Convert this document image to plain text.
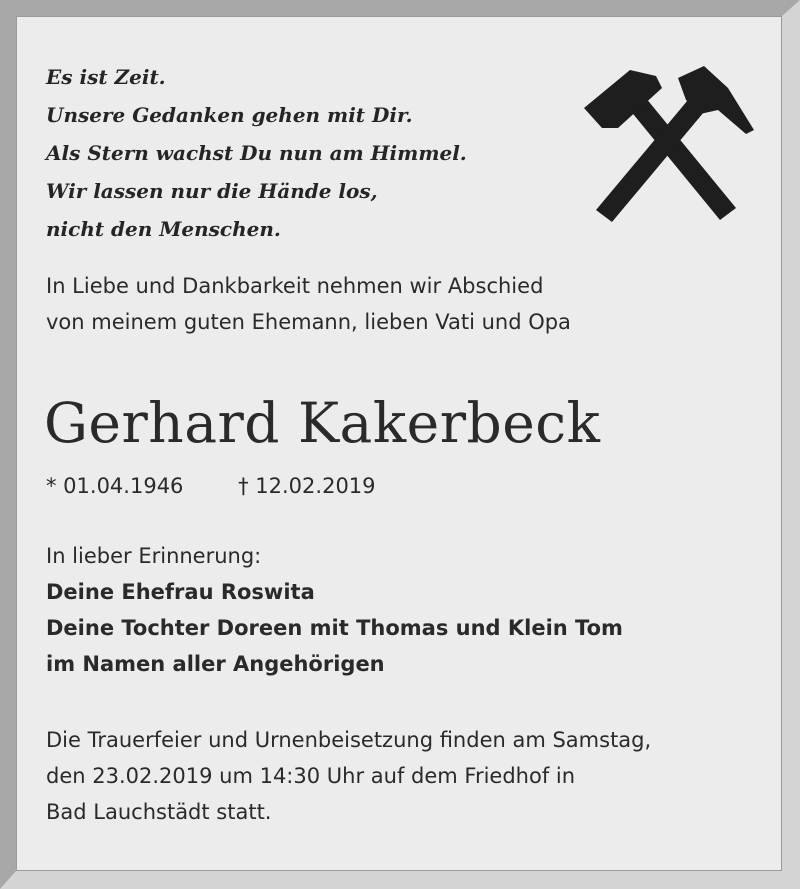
Es ist Zeit.
Unsere Gedanken gehen mit Dir.
Als Stern wachst Du nun am Himmel.
Wir lassen nur die Hände los,
nicht den Menschen.
In Liebe und Dankbarkeit nehmen wir Abschied
von meinem guten Ehemann, lieben Vati und Opa
Gerhard Kakerbeck
* 01.04.1946	† 12.02.2019
In lieber Erinnerung:
Deine Ehefrau Roswita
Deine Tochter Doreen mit Thomas und Klein Tom
im Namen aller Angehörigen
Die Trauerfeier und Urnenbeisetzung finden am Samstag,
den 23.02.2019 um 14:30 Uhr auf dem Friedhof in
Bad Lauchstädt statt.
